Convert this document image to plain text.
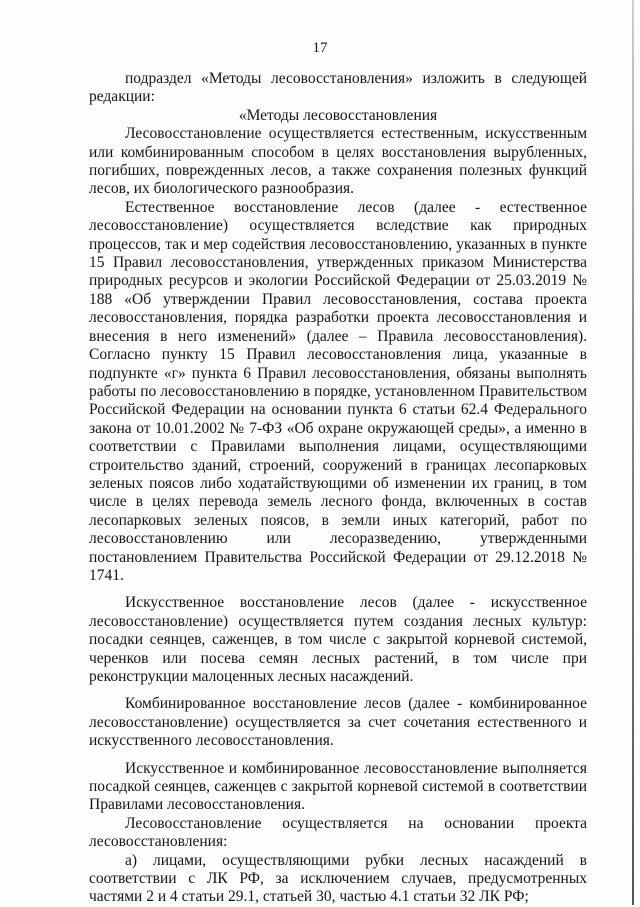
17

подраздел «Методы лесовосстановления» изложить в следующей редакции:

«Методы лесовосстановления

Лесовосстановление осуществляется естественным, искусственным или комбинированным способом в целях восстановления вырубленных, погибших, поврежденных лесов, а также сохранения полезных функций лесов, их биологического разнообразия.

Естественное восстановление лесов (далее - естественное лесовосстановление) осуществляется вследствие как природных процессов, так и мер содействия лесовосстановлению, указанных в пункте 15 Правил лесовосстановления, утвержденных приказом Министерства природных ресурсов и экологии Российской Федерации от 25.03.2019 № 188 «Об утверждении Правил лесовосстановления, состава проекта лесовосстановления, порядка разработки проекта лесовосстановления и внесения в него изменений» (далее – Правила лесовосстановления). Согласно пункту 15 Правил лесовосстановления лица, указанные в подпункте «г» пункта 6 Правил лесовосстановления, обязаны выполнять работы по лесовосстановлению в порядке, установленном Правительством Российской Федерации на основании пункта 6 статьи 62.4 Федерального закона от 10.01.2002 № 7-ФЗ «Об охране окружающей среды», а именно в соответствии с Правилами выполнения лицами, осуществляющими строительство зданий, строений, сооружений в границах лесопарковых зеленых поясов либо ходатайствующими об изменении их границ, в том числе в целях перевода земель лесного фонда, включенных в состав лесопарковых зеленых поясов, в земли иных категорий, работ по лесовосстановлению или лесоразведению, утвержденными постановлением Правительства Российской Федерации от 29.12.2018 № 1741.

Искусственное восстановление лесов (далее - искусственное лесовосстановление) осуществляется путем создания лесных культур: посадки сеянцев, саженцев, в том числе с закрытой корневой системой, черенков или посева семян лесных растений, в том числе при реконструкции малоценных лесных насаждений.

Комбинированное восстановление лесов (далее - комбинированное лесовосстановление) осуществляется за счет сочетания естественного и искусственного лесовосстановления.

Искусственное и комбинированное лесовосстановление выполняется посадкой сеянцев, саженцев с закрытой корневой системой в соответствии Правилами лесовосстановления.

Лесовосстановление осуществляется на основании проекта лесовосстановления:

а) лицами, осуществляющими рубки лесных насаждений в соответствии с ЛК РФ, за исключением случаев, предусмотренных частями 2 и 4 статьи 29.1, статьей 30, частью 4.1 статьи 32 ЛК РФ;
